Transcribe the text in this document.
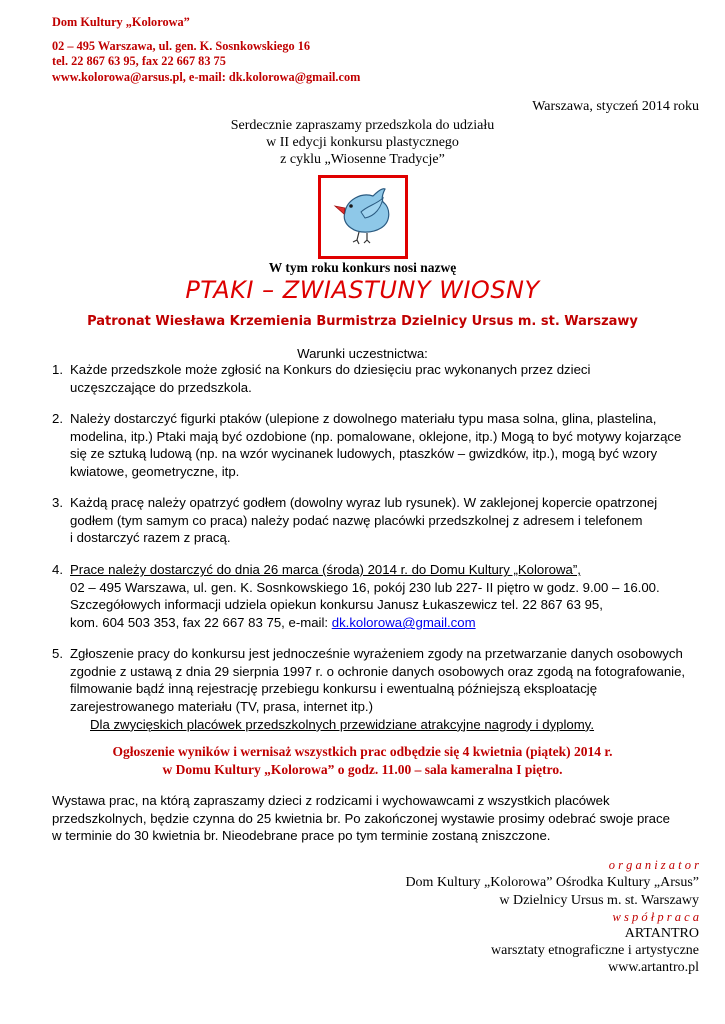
Dom Kultury „Kolorowa”
02 – 495 Warszawa, ul. gen. K. Sosnkowskiego 16
tel. 22 867 63 95, fax 22 667 83 75
www.kolorowa@arsus.pl, e-mail: dk.kolorowa@gmail.com
Warszawa, styczeń 2014 roku
Serdecznie zapraszamy przedszkola do udziału
w II edycji konkursu plastycznego
z cyklu „Wiosenne Tradycje”
W tym roku konkurs nosi nazwę
PTAKI – ZWIASTUNY WIOSNY
Patronat Wiesława Krzemienia Burmistrza Dzielnicy Ursus m. st. Warszawy
Warunki uczestnictwa:
1. Każde przedszkole może zgłosić na Konkurs do dziesięciu prac wykonanych przez dzieci
uczęszczające do przedszkola.
2. Należy dostarczyć figurki ptaków (ulepione z dowolnego materiału typu masa solna, glina, plastelina,
modelina, itp.) Ptaki mają być ozdobione (np. pomalowane, oklejone, itp.) Mogą to być motywy kojarzące
się ze sztuką ludową (np. na wzór wycinanek ludowych, ptaszków – gwizdków, itp.), mogą być wzory
kwiatowe, geometryczne, itp.
3. Każdą pracę należy opatrzyć godłem (dowolny wyraz lub rysunek). W zaklejonej kopercie opatrzonej
godłem (tym samym co praca) należy podać nazwę placówki przedszkolnej z adresem i telefonem
i dostarczyć razem z pracą.
4. Prace należy dostarczyć do dnia 26 marca (środa) 2014 r. do Domu Kultury „Kolorowa”,
02 – 495 Warszawa, ul. gen. K. Sosnkowskiego 16, pokój 230 lub 227- II piętro w godz. 9.00 – 16.00.
Szczegółowych informacji udziela opiekun konkursu Janusz Łukaszewicz tel. 22 867 63 95,
kom. 604 503 353, fax 22 667 83 75, e-mail: dk.kolorowa@gmail.com
5. Zgłoszenie pracy do konkursu jest jednocześnie wyrażeniem zgody na przetwarzanie danych osobowych
zgodnie z ustawą z dnia 29 sierpnia 1997 r. o ochronie danych osobowych oraz zgodą na fotografowanie,
filmowanie bądź inną rejestrację przebiegu konkursu i ewentualną późniejszą eksploatację
zarejestrowanego materiału (TV, prasa, internet itp.)
Dla zwycięskich placówek przedszkolnych przewidziane atrakcyjne nagrody i dyplomy.
Ogłoszenie wyników i wernisaż wszystkich prac odbędzie się 4 kwietnia (piątek) 2014 r.
w Domu Kultury „Kolorowa” o godz. 11.00 – sala kameralna I piętro.
Wystawa prac, na którą zapraszamy dzieci z rodzicami i wychowawcami z wszystkich placówek
przedszkolnych, będzie czynna do 25 kwietnia br. Po zakończonej wystawie prosimy odebrać swoje prace
w terminie do 30 kwietnia br. Nieodebrane prace po tym terminie zostaną zniszczone.
o r g a n i z a t o r
Dom Kultury „Kolorowa” Ośrodka Kultury „Arsus”
w Dzielnicy Ursus m. st. Warszawy
w s p ó ł p r a c a
ARTANTRO
warsztaty etnograficzne i artystyczne
www.artantro.pl
